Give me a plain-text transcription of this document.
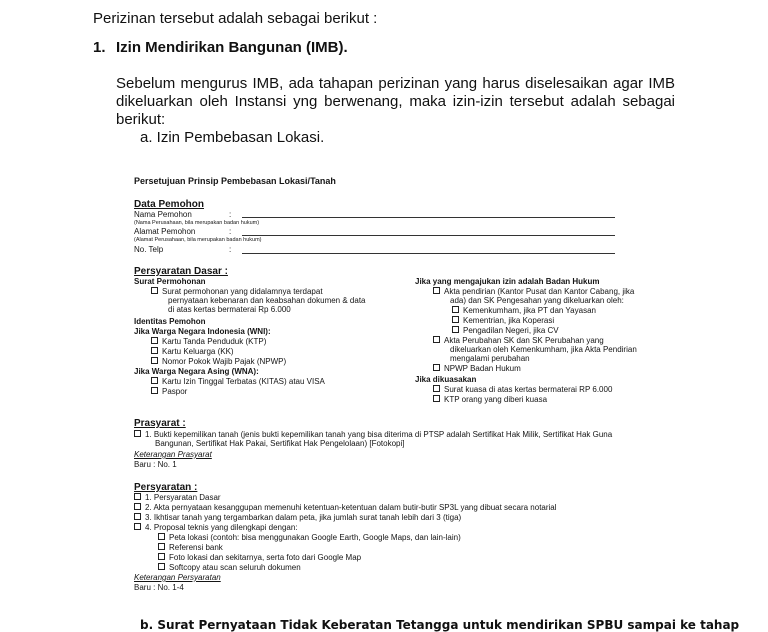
Perizinan tersebut adalah sebagai berikut :
1. Izin Mendirikan Bangunan (IMB).
Sebelum mengurus IMB, ada tahapan perizinan yang harus diselesaikan agar IMB
dikeluarkan oleh Instansi yng berwenang, maka izin-izin tersebut adalah sebagai
berikut:
a. Izin Pembebasan Lokasi.
Persetujuan Prinsip Pembebasan Lokasi/Tanah
Data Pemohon
Nama Pemohon	:
(Nama Perusahaan, bila merupakan badan hukum)
Alamat Pemohon	:
(Alamat Perusahaan, bila merupakan badan hukum)
No. Telp	:
Persyaratan Dasar :
Surat Permohonan
Surat permohonan yang didalamnya terdapat
pernyataan kebenaran dan keabsahan dokumen & data
di atas kertas bermaterai Rp 6.000
Identitas Pemohon
Jika Warga Negara Indonesia (WNI):
Kartu Tanda Penduduk (KTP)
Kartu Keluarga (KK)
Nomor Pokok Wajib Pajak (NPWP)
Jika Warga Negara Asing (WNA):
Kartu Izin Tinggal Terbatas (KITAS) atau VISA
Paspor
Jika yang mengajukan izin adalah Badan Hukum
Akta pendirian (Kantor Pusat dan Kantor Cabang, jika
ada) dan SK Pengesahan yang dikeluarkan oleh:
Kemenkumham, jika PT dan Yayasan
Kementrian, jika Koperasi
Pengadilan Negeri, jika CV
Akta Perubahan SK dan SK Perubahan yang
dikeluarkan oleh Kemenkumham, jika Akta Pendirian
mengalami perubahan
NPWP Badan Hukum
Jika dikuasakan
Surat kuasa di atas kertas bermaterai RP 6.000
KTP orang yang diberi kuasa
Prasyarat :
1. Bukti kepemilikan tanah (jenis bukti kepemilikan tanah yang bisa diterima di PTSP adalah Sertifikat Hak Milik, Sertifikat Hak Guna
Bangunan, Sertifikat Hak Pakai, Sertifikat Hak Pengelolaan) [Fotokopi]
Keterangan Prasyarat
Baru : No. 1
Persyaratan :
1. Persyaratan Dasar
2. Akta pernyataan kesanggupan memenuhi ketentuan-ketentuan dalam butir-butir SP3L yang dibuat secara notarial
3. Ikhtisar tanah yang tergambarkan dalam peta, jika jumlah surat tanah lebih dari 3 (tiga)
4. Proposal teknis yang dilengkapi dengan:
Peta lokasi (contoh: bisa menggunakan Google Earth, Google Maps, dan lain-lain)
Referensi bank
Foto lokasi dan sekitarnya, serta foto dari Google Map
Softcopy atau scan seluruh dokumen
Keterangan Persyaratan
Baru : No. 1-4
b. Surat Pernyataan Tidak Keberatan Tetangga untuk mendirikan SPBU sampai ke tahap
